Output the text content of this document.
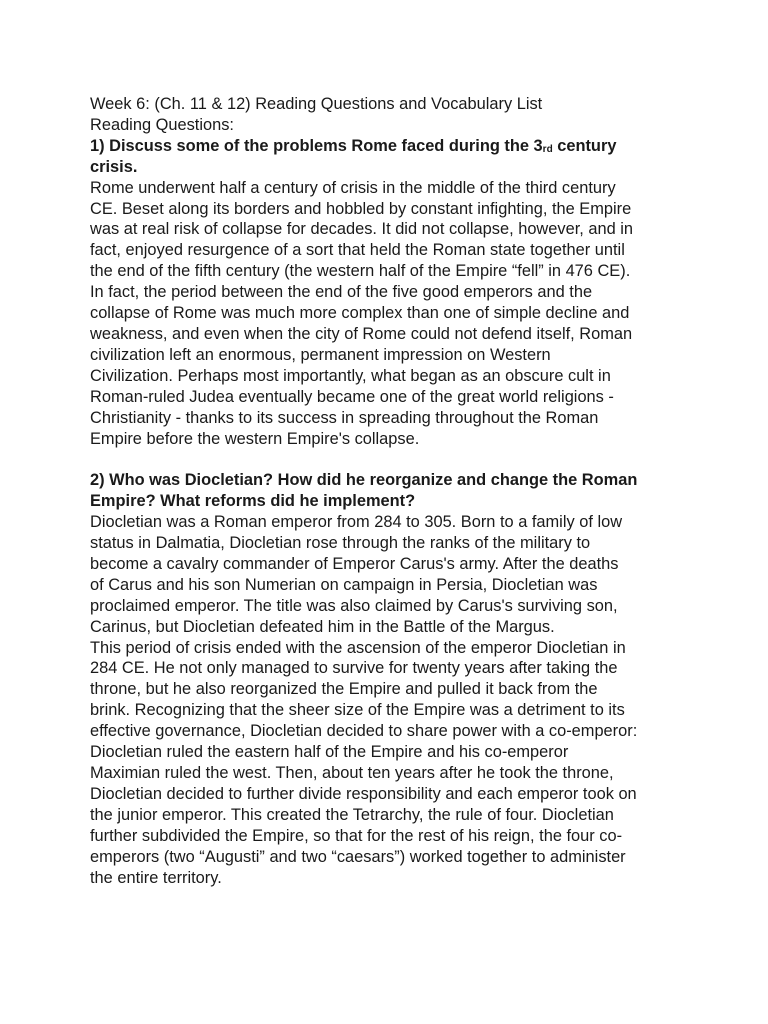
Week 6: (Ch. 11 & 12) Reading Questions and Vocabulary List
Reading Questions:
1) Discuss some of the problems Rome faced during the 3rd century
crisis.
Rome underwent half a century of crisis in the middle of the third century
CE. Beset along its borders and hobbled by constant infighting, the Empire
was at real risk of collapse for decades. It did not collapse, however, and in
fact, enjoyed resurgence of a sort that held the Roman state together until
the end of the fifth century (the western half of the Empire “fell” in 476 CE).
In fact, the period between the end of the five good emperors and the
collapse of Rome was much more complex than one of simple decline and
weakness, and even when the city of Rome could not defend itself, Roman
civilization left an enormous, permanent impression on Western
Civilization. Perhaps most importantly, what began as an obscure cult in
Roman-ruled Judea eventually became one of the great world religions -
Christianity - thanks to its success in spreading throughout the Roman
Empire before the western Empire's collapse.
2) Who was Diocletian? How did he reorganize and change the Roman
Empire? What reforms did he implement?
Diocletian was a Roman emperor from 284 to 305. Born to a family of low
status in Dalmatia, Diocletian rose through the ranks of the military to
become a cavalry commander of Emperor Carus's army. After the deaths
of Carus and his son Numerian on campaign in Persia, Diocletian was
proclaimed emperor. The title was also claimed by Carus's surviving son,
Carinus, but Diocletian defeated him in the Battle of the Margus.
This period of crisis ended with the ascension of the emperor Diocletian in
284 CE. He not only managed to survive for twenty years after taking the
throne, but he also reorganized the Empire and pulled it back from the
brink. Recognizing that the sheer size of the Empire was a detriment to its
effective governance, Diocletian decided to share power with a co-emperor:
Diocletian ruled the eastern half of the Empire and his co-emperor
Maximian ruled the west. Then, about ten years after he took the throne,
Diocletian decided to further divide responsibility and each emperor took on
the junior emperor. This created the Tetrarchy, the rule of four. Diocletian
further subdivided the Empire, so that for the rest of his reign, the four co-
emperors (two “Augusti” and two “caesars”) worked together to administer
the entire territory.
